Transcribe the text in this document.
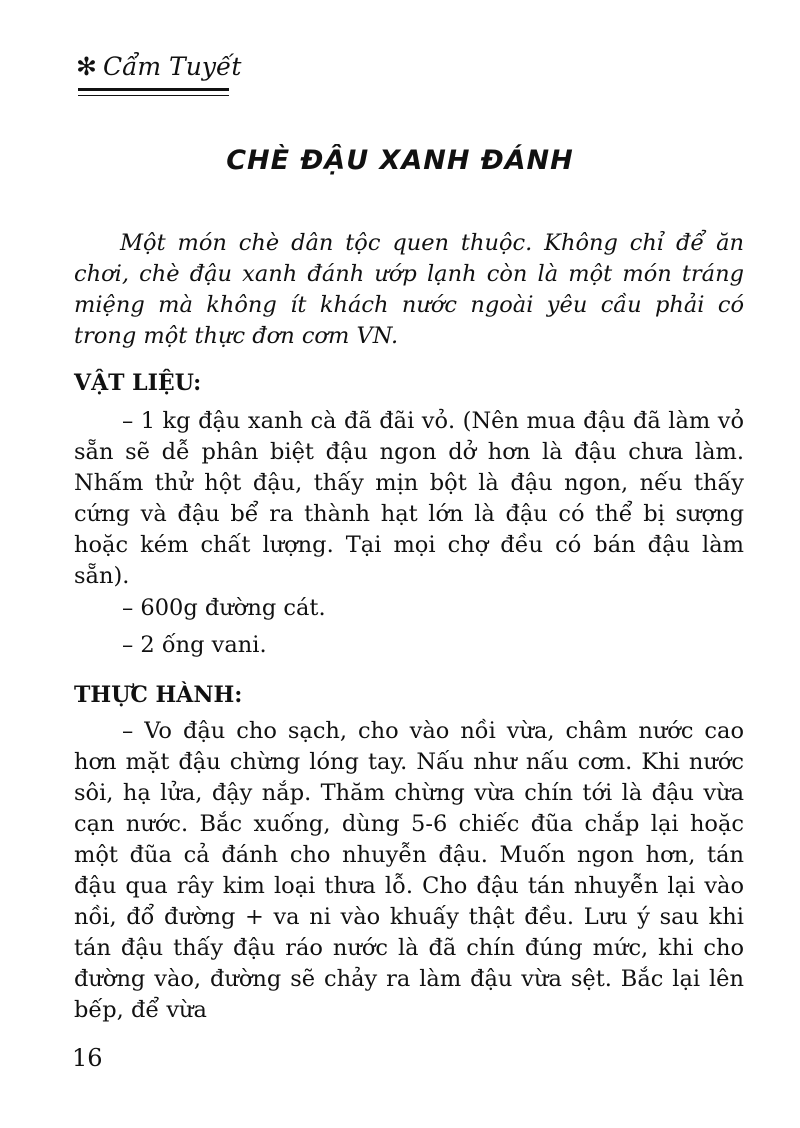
✻ Cẩm Tuyết
CHÈ ĐẬU XANH ĐÁNH
Một món chè dân tộc quen thuộc. Không chỉ để ăn chơi, chè đậu xanh đánh ướp lạnh còn là một món tráng miệng mà không ít khách nước ngoài yêu cầu phải có trong một thực đơn cơm VN.
VẬT LIỆU:
– 1 kg đậu xanh cà đã đãi vỏ. (Nên mua đậu đã làm vỏ sẵn sẽ dễ phân biệt đậu ngon dở hơn là đậu chưa làm. Nhấm thử hột đậu, thấy mịn bột là đậu ngon, nếu thấy cứng và đậu bể ra thành hạt lớn là đậu có thể bị sượng hoặc kém chất lượng. Tại mọi chợ đều có bán đậu làm sẵn).
– 600g đường cát.
– 2 ống vani.
THỰC HÀNH:
– Vo đậu cho sạch, cho vào nồi vừa, châm nước cao hơn mặt đậu chừng lóng tay. Nấu như nấu cơm. Khi nước sôi, hạ lửa, đậy nắp. Thăm chừng vừa chín tới là đậu vừa cạn nước. Bắc xuống, dùng 5-6 chiếc đũa chắp lại hoặc một đũa cả đánh cho nhuyễn đậu. Muốn ngon hơn, tán đậu qua rây kim loại thưa lỗ. Cho đậu tán nhuyễn lại vào nồi, đổ đường + va ni vào khuấy thật đều. Lưu ý sau khi tán đậu thấy đậu ráo nước là đã chín đúng mức, khi cho đường vào, đường sẽ chảy ra làm đậu vừa sệt. Bắc lại lên bếp, để vừa
16
